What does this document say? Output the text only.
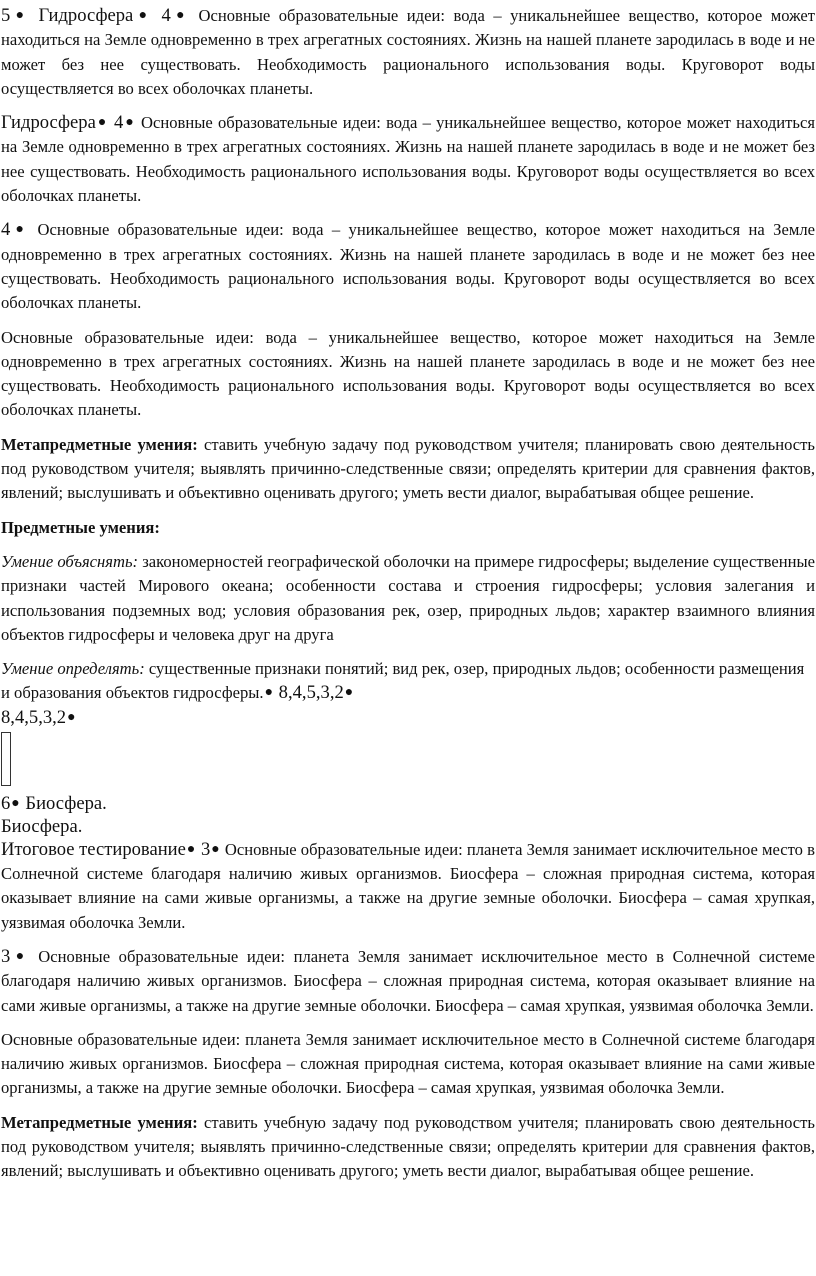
5● Гидросфера● 4● Основные образовательные идеи: вода – уникальнейшее вещество, которое может находиться на Земле одновременно в трех агрегатных состояниях. Жизнь на нашей планете зародилась в воде и не может без нее существовать. Необходимость рационального использования воды. Круговорот воды осуществляется во всех оболочках планеты.

Гидросфера● 4● Основные образовательные идеи: вода – уникальнейшее вещество, которое может находиться на Земле одновременно в трех агрегатных состояниях. Жизнь на нашей планете зародилась в воде и не может без нее существовать. Необходимость рационального использования воды. Круговорот воды осуществляется во всех оболочках планеты.

4● Основные образовательные идеи: вода – уникальнейшее вещество, которое может находиться на Земле одновременно в трех агрегатных состояниях. Жизнь на нашей планете зародилась в воде и не может без нее существовать. Необходимость рационального использования воды. Круговорот воды осуществляется во всех оболочках планеты.

Основные образовательные идеи: вода – уникальнейшее вещество, которое может находиться на Земле одновременно в трех агрегатных состояниях. Жизнь на нашей планете зародилась в воде и не может без нее существовать. Необходимость рационального использования воды. Круговорот воды осуществляется во всех оболочках планеты.

Метапредметные умения: ставить учебную задачу под руководством учителя; планировать свою деятельность под руководством учителя; выявлять причинно-следственные связи; определять критерии для сравнения фактов, явлений; выслушивать и объективно оценивать другого; уметь вести диалог, вырабатывая общее решение.

Предметные умения:

Умение объяснять: закономерностей географической оболочки на примере гидросферы; выделение существенные признаки частей Мирового океана; особенности состава и строения гидросферы; условия залегания и использования подземных вод; условия образования рек, озер, природных льдов; характер взаимного влияния объектов гидросферы и человека друг на друга

Умение определять: существенные признаки понятий; вид рек, озер, природных льдов; особенности размещения и образования объектов гидросферы.● 8,4,5,3,2●

8,4,5,3,2●

6● Биосфера.

Биосфера.

Итоговое тестирование● 3● Основные образовательные идеи: планета Земля занимает исключительное место в Солнечной системе благодаря наличию живых организмов. Биосфера – сложная природная система, которая оказывает влияние на сами живые организмы, а также на другие земные оболочки. Биосфера – самая хрупкая, уязвимая оболочка Земли.

3● Основные образовательные идеи: планета Земля занимает исключительное место в Солнечной системе благодаря наличию живых организмов. Биосфера – сложная природная система, которая оказывает влияние на сами живые организмы, а также на другие земные оболочки. Биосфера – самая хрупкая, уязвимая оболочка Земли.

Основные образовательные идеи: планета Земля занимает исключительное место в Солнечной системе благодаря наличию живых организмов. Биосфера – сложная природная система, которая оказывает влияние на сами живые организмы, а также на другие земные оболочки. Биосфера – самая хрупкая, уязвимая оболочка Земли.

Метапредметные умения: ставить учебную задачу под руководством учителя; планировать свою деятельность под руководством учителя; выявлять причинно-следственные связи; определять критерии для сравнения фактов, явлений; выслушивать и объективно оценивать другого; уметь вести диалог, вырабатывая общее решение.
